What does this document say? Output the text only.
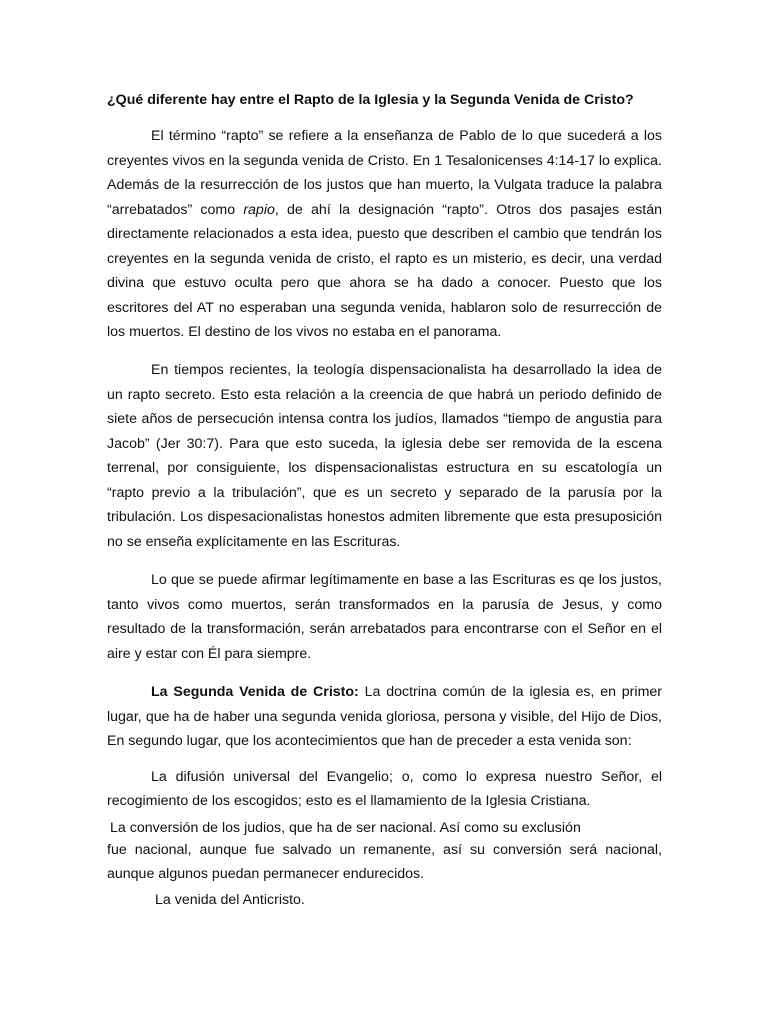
¿Qué diferente hay entre el Rapto de la Iglesia y la Segunda Venida de Cristo?

El término “rapto” se refiere a la enseñanza de Pablo de lo que sucederá a los creyentes vivos en la segunda venida de Cristo. En 1 Tesalonicenses 4:14-17 lo explica. Además de la resurrección de los justos que han muerto, la Vulgata traduce la palabra “arrebatados” como rapio, de ahí la designación “rapto”. Otros dos pasajes están directamente relacionados a esta idea, puesto que describen el cambio que tendrán los creyentes en la segunda venida de cristo, el rapto es un misterio, es decir, una verdad divina que estuvo oculta pero que ahora se ha dado a conocer. Puesto que los escritores del AT no esperaban una segunda venida, hablaron solo de resurrección de los muertos. El destino de los vivos no estaba en el panorama.

En tiempos recientes, la teología dispensacionalista ha desarrollado la idea de un rapto secreto. Esto esta relación a la creencia de que habrá un periodo definido de siete años de persecución intensa contra los judíos, llamados “tiempo de angustia para Jacob” (Jer 30:7). Para que esto suceda, la iglesia debe ser removida de la escena terrenal, por consiguiente, los dispensacionalistas estructura en su escatología un “rapto previo a la tribulación”, que es un secreto y separado de la parusía por la tribulación. Los dispesacionalistas honestos admiten libremente que esta presuposición no se enseña explícitamente en las Escrituras.

Lo que se puede afirmar legítimamente en base a las Escrituras es qe los justos, tanto vivos como muertos, serán transformados en la parusía de Jesus, y como resultado de la transformación, serán arrebatados para encontrarse con el Señor en el aire y estar con Él para siempre.

La Segunda Venida de Cristo: La doctrina común de la iglesia es, en primer lugar, que ha de haber una segunda venida gloriosa, persona y visible, del Hijo de Dios, En segundo lugar, que los acontecimientos que han de preceder a esta venida son:

La difusión universal del Evangelio; o, como lo expresa nuestro Señor, el recogimiento de los escogidos; esto es el llamamiento de la Iglesia Cristiana.

La conversión de los judios, que ha de ser nacional. Así como su exclusión

fue nacional, aunque fue salvado un remanente, así su conversión será nacional, aunque algunos puedan permanecer endurecidos.

La venida del Anticristo.
